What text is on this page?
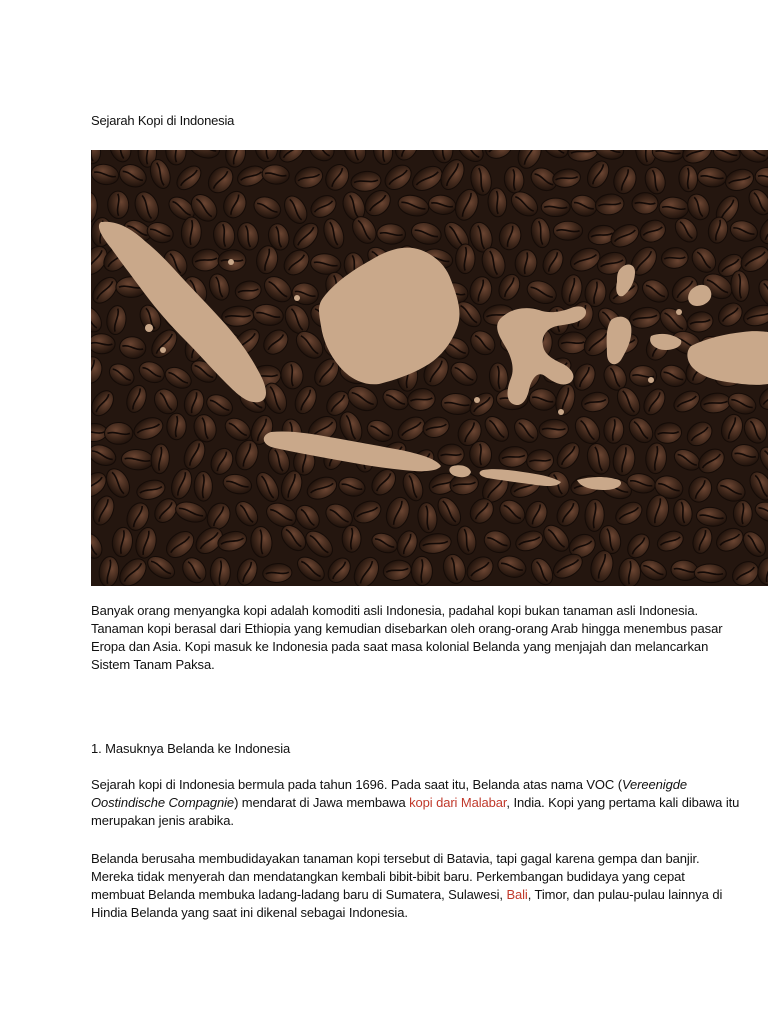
Sejarah Kopi di Indonesia

Banyak orang menyangka kopi adalah komoditi asli Indonesia, padahal kopi bukan tanaman asli Indonesia. Tanaman kopi berasal dari Ethiopia yang kemudian disebarkan oleh orang-orang Arab hingga menembus pasar Eropa dan Asia. Kopi masuk ke Indonesia pada saat masa kolonial Belanda yang menjajah dan melancarkan Sistem Tanam Paksa.

1. Masuknya Belanda ke Indonesia

Sejarah kopi di Indonesia bermula pada tahun 1696. Pada saat itu, Belanda atas nama VOC (Vereenigde Oostindische Compagnie) mendarat di Jawa membawa kopi dari Malabar, India. Kopi yang pertama kali dibawa itu merupakan jenis arabika.

Belanda berusaha membudidayakan tanaman kopi tersebut di Batavia, tapi gagal karena gempa dan banjir. Mereka tidak menyerah dan mendatangkan kembali bibit-bibit baru. Perkembangan budidaya yang cepat membuat Belanda membuka ladang-ladang baru di Sumatera, Sulawesi, Bali, Timor, dan pulau-pulau lainnya di Hindia Belanda yang saat ini dikenal sebagai Indonesia.
